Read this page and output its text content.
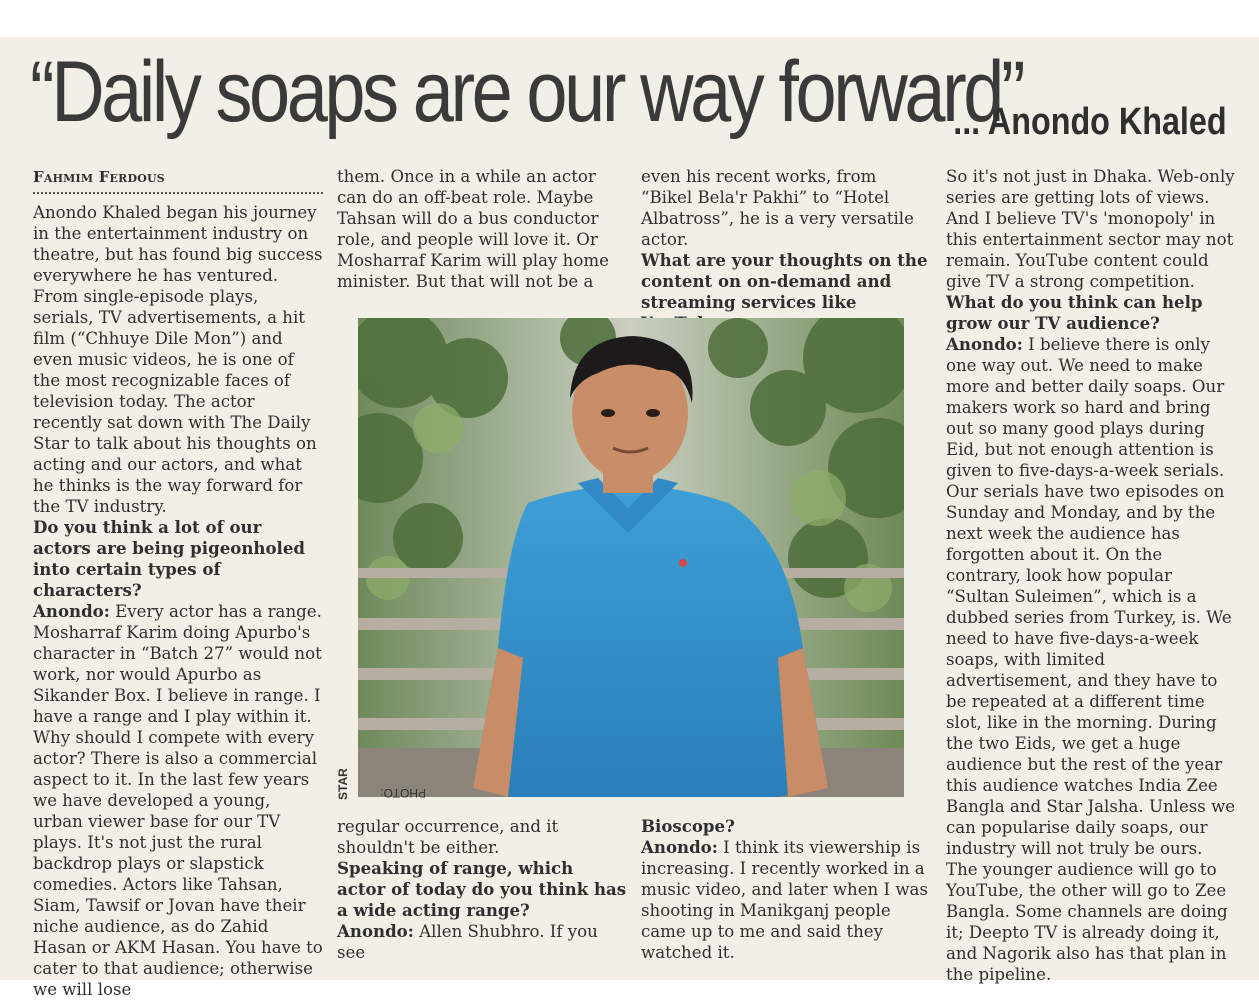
“Daily soaps are our way forward”
... Anondo Khaled
Fahmim Ferdous

Anondo Khaled began his journey in the entertainment industry on theatre, but has found big success everywhere he has ventured. From single-episode plays, serials, TV advertisements, a hit film (“Chhuye Dile Mon”) and even music videos, he is one of the most recognizable faces of television today. The actor recently sat down with The Daily Star to talk about his thoughts on acting and our actors, and what he thinks is the way forward for the TV industry.

Do you think a lot of our actors are being pigeonholed into certain types of characters?

Anondo: Every actor has a range. Mosharraf Karim doing Apurbo's character in “Batch 27” would not work, nor would Apurbo as Sikander Box. I believe in range. I have a range and I play within it. Why should I compete with every actor? There is also a commercial aspect to it. In the last few years we have developed a young, urban viewer base for our TV plays. It's not just the rural backdrop plays or slapstick comedies. Actors like Tahsan, Siam, Tawsif or Jovan have their niche audience, as do Zahid Hasan or AKM Hasan. You have to cater to that audience; otherwise we will lose

them. Once in a while an actor can do an off-beat role. Maybe Tahsan will do a bus conductor role, and people will love it. Or Mosharraf Karim will play home minister. But that will not be a

even his recent works, from “Bikel Bela'r Pakhi” to “Hotel Albatross”, he is a very versatile actor.

What are your thoughts on the content on on-demand and streaming services like

So it's not just in Dhaka. Web-only series are getting lots of views. And I believe TV's 'monopoly' in this entertainment sector may not remain. YouTube content could give TV a strong competition.

What do you think can help grow our TV audience?

Anondo: I believe there is only one way out. We need to make more and better daily soaps. Our makers work so hard and bring out so many good plays during Eid, but not enough attention is given to five-days-a-week serials. Our serials have two episodes on Sunday and Monday, and by the next week the audience has forgotten about it. On the contrary, look how popular “Sultan Suleimen”, which is a dubbed series from Turkey, is. We need to have five-days-a-week soaps, with limited advertisement, and they have to be repeated at a different time slot, like in the morning. During the two Eids, we get a huge audience but the rest of the year this audience watches India Zee Bangla and Star Jalsha. Unless we can popularise daily soaps, our industry will not truly be ours. The younger audience will go to YouTube, the other will go to Zee Bangla. Some channels are doing it; Deepto TV is already doing it, and Nagorik also has that plan in the pipeline.

PHOTO:
STAR

regular occurrence, and it shouldn't be either.

Speaking of range, which actor of today do you think has a wide acting range?

Anondo: Allen Shubhro. If you see

Bioscope?

Anondo: I think its viewership is increasing. I recently worked in a music video, and later when I was shooting in Manikganj people came up to me and said they watched it.
